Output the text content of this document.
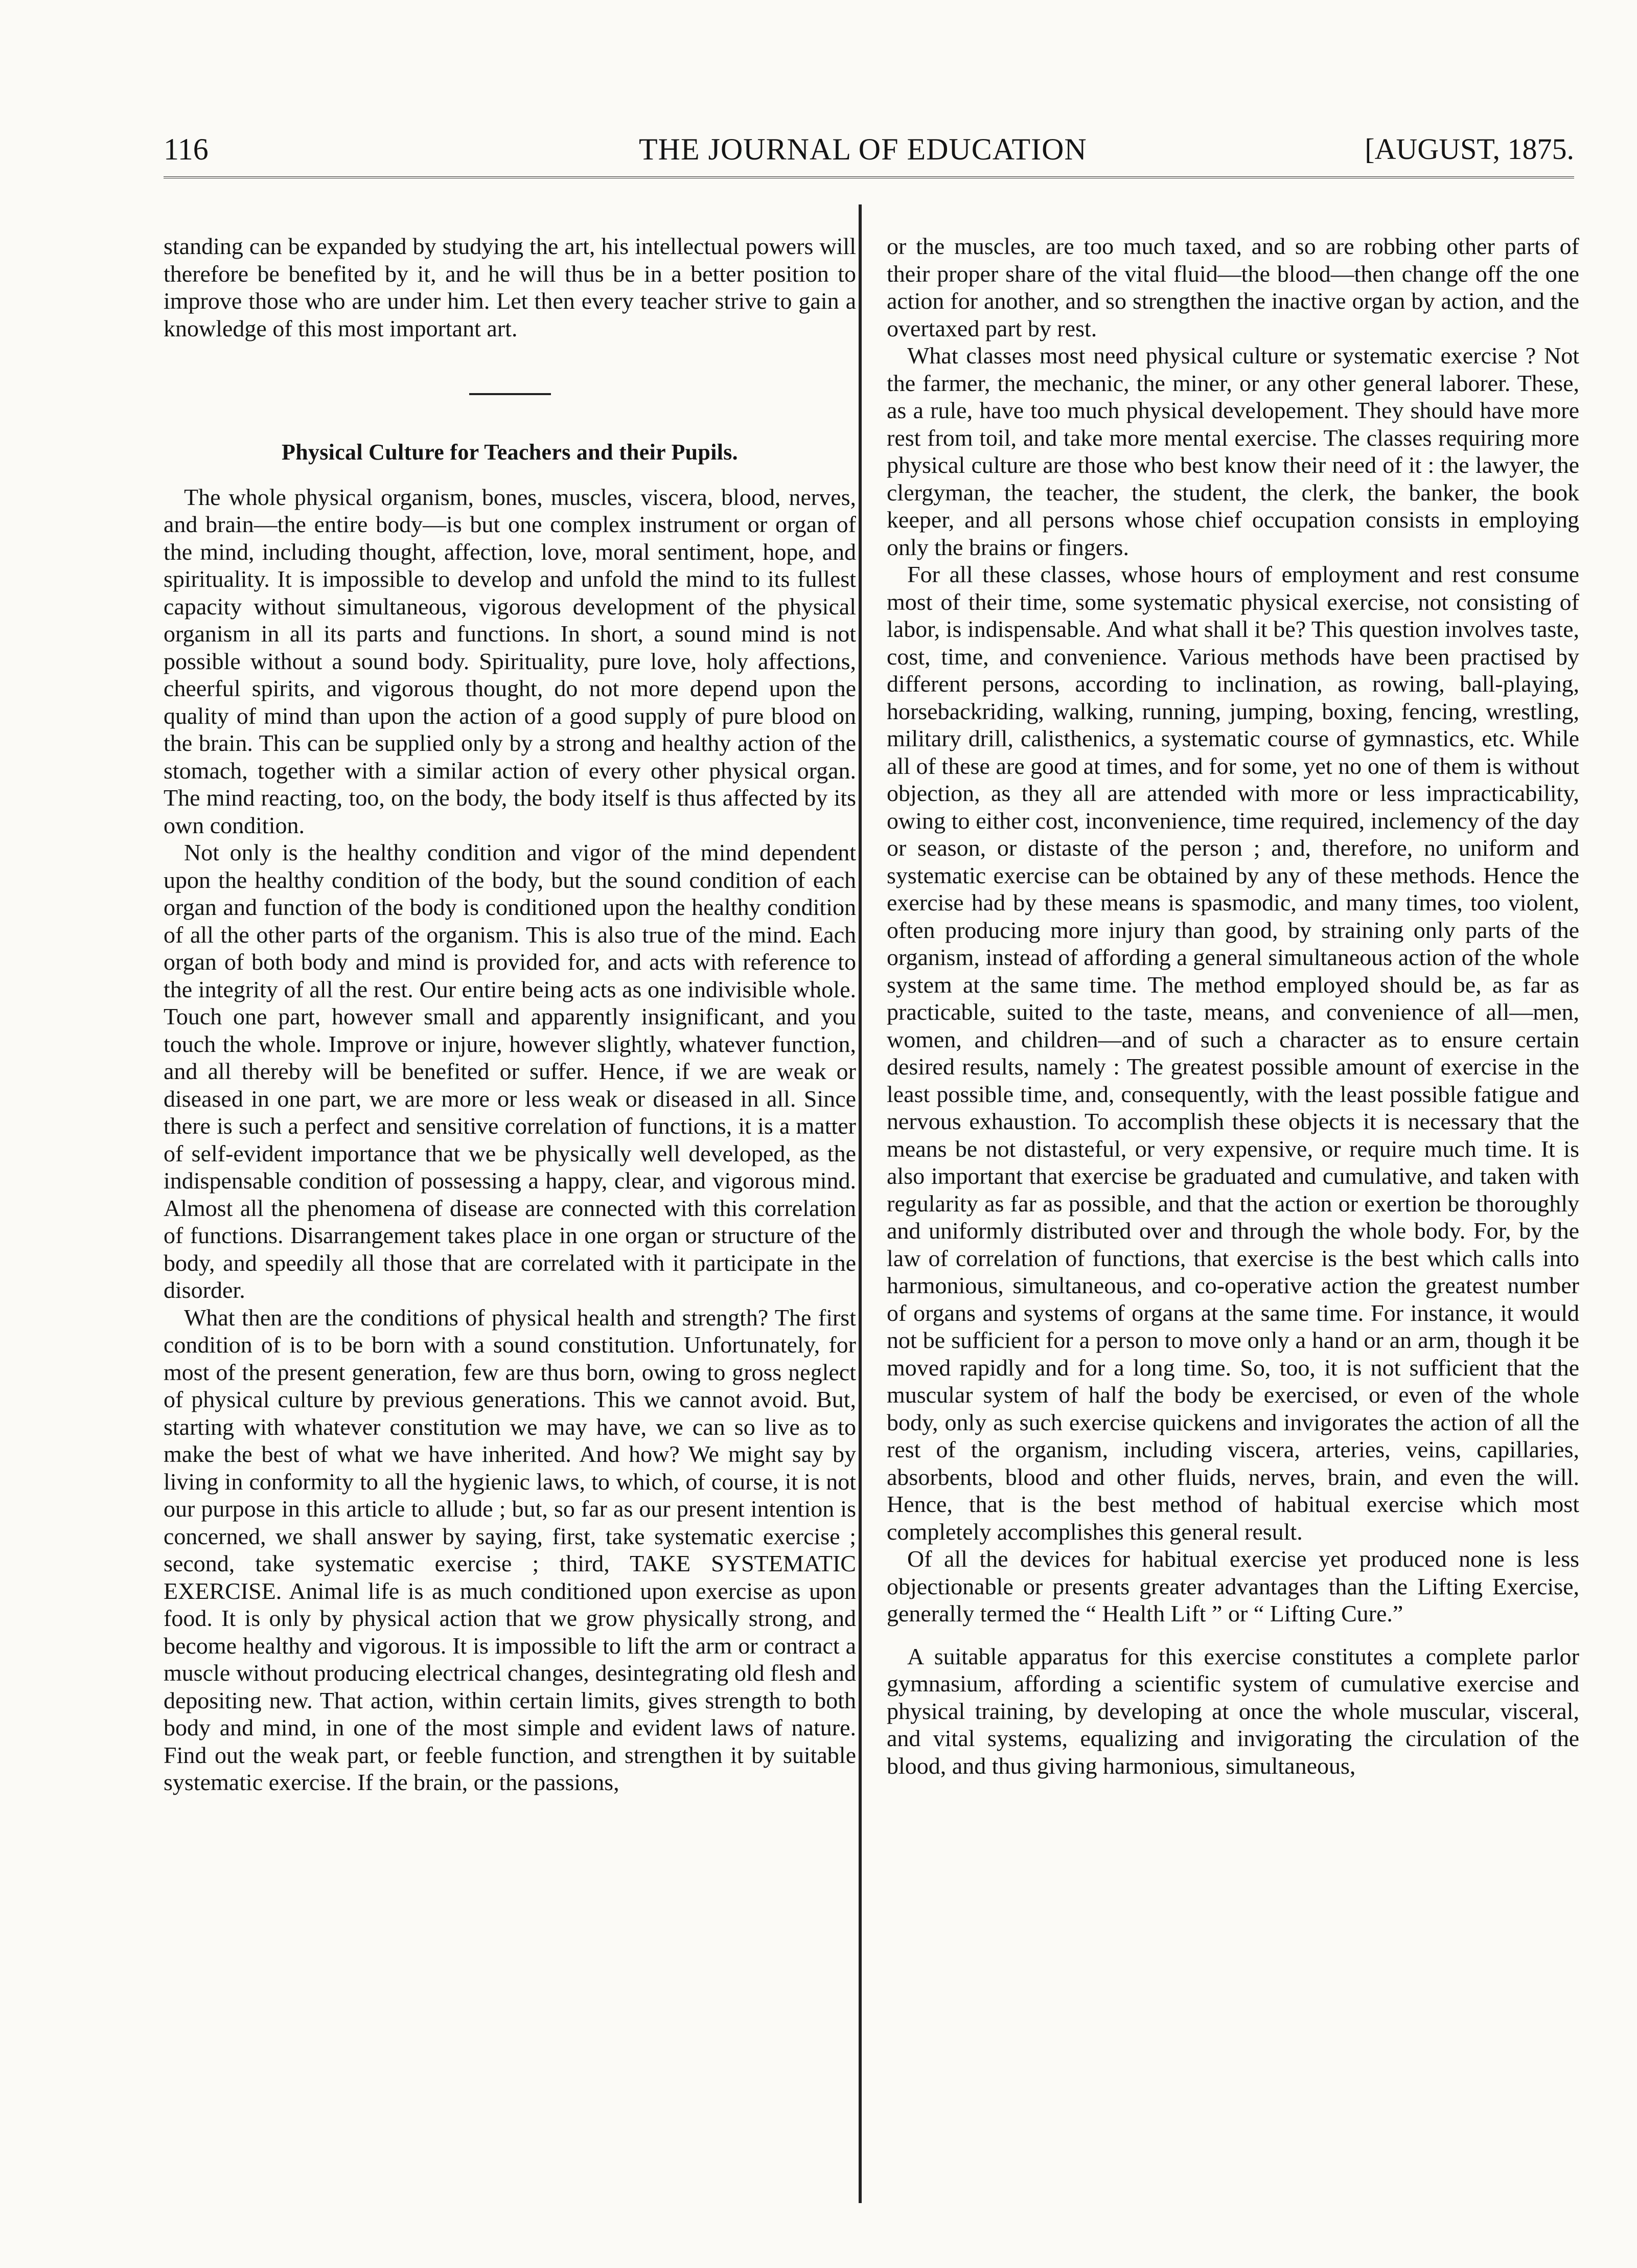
116	THE JOURNAL OF EDUCATION	[AUGUST, 1875.

standing can be expanded by studying the art, his intellectual powers will therefore be benefited by it, and he will thus be in a better position to improve those who are under him. Let then every teacher strive to gain a knowledge of this most important art.

Physical Culture for Teachers and their Pupils.

The whole physical organism, bones, muscles, viscera, blood, nerves, and brain—the entire body—is but one complex instrument or organ of the mind, including thought, affection, love, moral sentiment, hope, and spirituality. It is impossible to develop and unfold the mind to its fullest capacity without simultaneous, vigorous development of the physical organism in all its parts and functions. In short, a sound mind is not possible without a sound body. Spirituality, pure love, holy affections, cheerful spirits, and vigorous thought, do not more depend upon the quality of mind than upon the action of a good supply of pure blood on the brain. This can be supplied only by a strong and healthy action of the stomach, together with a similar action of every other physical organ. The mind reacting, too, on the body, the body itself is thus affected by its own condition.

Not only is the healthy condition and vigor of the mind dependent upon the healthy condition of the body, but the sound condition of each organ and function of the body is conditioned upon the healthy condition of all the other parts of the organism. This is also true of the mind. Each organ of both body and mind is provided for, and acts with reference to the integrity of all the rest. Our entire being acts as one indivisible whole. Touch one part, however small and apparently insignificant, and you touch the whole. Improve or injure, however slightly, whatever function, and all thereby will be benefited or suffer. Hence, if we are weak or diseased in one part, we are more or less weak or diseased in all. Since there is such a perfect and sensitive correlation of functions, it is a matter of self-evident importance that we be physically well developed, as the indispensable condition of possessing a happy, clear, and vigorous mind. Almost all the phenomena of disease are connected with this correlation of functions. Disarrangement takes place in one organ or structure of the body, and speedily all those that are correlated with it participate in the disorder.

What then are the conditions of physical health and strength? The first condition of is to be born with a sound constitution. Unfortunately, for most of the present generation, few are thus born, owing to gross neglect of physical culture by previous generations. This we cannot avoid. But, starting with whatever constitution we may have, we can so live as to make the best of what we have inherited. And how? We might say by living in conformity to all the hygienic laws, to which, of course, it is not our purpose in this article to allude ; but, so far as our present intention is concerned, we shall answer by saying, first, take systematic exercise ; second, take systematic exercise ; third, TAKE SYSTEMATIC EXERCISE. Animal life is as much conditioned upon exercise as upon food. It is only by physical action that we grow physically strong, and become healthy and vigorous. It is impossible to lift the arm or contract a muscle without producing electrical changes, desintegrating old flesh and depositing new. That action, within certain limits, gives strength to both body and mind, in one of the most simple and evident laws of nature. Find out the weak part, or feeble function, and strengthen it by suitable systematic exercise. If the brain, or the passions,

or the muscles, are too much taxed, and so are robbing other parts of their proper share of the vital fluid—the blood—then change off the one action for another, and so strengthen the inactive organ by action, and the overtaxed part by rest.

What classes most need physical culture or systematic exercise ? Not the farmer, the mechanic, the miner, or any other general laborer. These, as a rule, have too much physical developement. They should have more rest from toil, and take more mental exercise. The classes requiring more physical culture are those who best know their need of it : the lawyer, the clergyman, the teacher, the student, the clerk, the banker, the book keeper, and all persons whose chief occupation consists in employing only the brains or fingers.

For all these classes, whose hours of employment and rest consume most of their time, some systematic physical exercise, not consisting of labor, is indispensable. And what shall it be? This question involves taste, cost, time, and convenience. Various methods have been practised by different persons, according to inclination, as rowing, ball-playing, horsebackriding, walking, running, jumping, boxing, fencing, wrestling, military drill, calisthenics, a systematic course of gymnastics, etc. While all of these are good at times, and for some, yet no one of them is without objection, as they all are attended with more or less impracticability, owing to either cost, inconvenience, time required, inclemency of the day or season, or distaste of the person ; and, therefore, no uniform and systematic exercise can be obtained by any of these methods. Hence the exercise had by these means is spasmodic, and many times, too violent, often producing more injury than good, by straining only parts of the organism, instead of affording a general simultaneous action of the whole system at the same time. The method employed should be, as far as practicable, suited to the taste, means, and convenience of all—men, women, and children—and of such a character as to ensure certain desired results, namely : The greatest possible amount of exercise in the least possible time, and, consequently, with the least possible fatigue and nervous exhaustion. To accomplish these objects it is necessary that the means be not distasteful, or very expensive, or require much time. It is also important that exercise be graduated and cumulative, and taken with regularity as far as possible, and that the action or exertion be thoroughly and uniformly distributed over and through the whole body. For, by the law of correlation of functions, that exercise is the best which calls into harmonious, simultaneous, and co-operative action the greatest number of organs and systems of organs at the same time. For instance, it would not be sufficient for a person to move only a hand or an arm, though it be moved rapidly and for a long time. So, too, it is not sufficient that the muscular system of half the body be exercised, or even of the whole body, only as such exercise quickens and invigorates the action of all the rest of the organism, including viscera, arteries, veins, capillaries, absorbents, blood and other fluids, nerves, brain, and even the will. Hence, that is the best method of habitual exercise which most completely accomplishes this general result.

Of all the devices for habitual exercise yet produced none is less objectionable or presents greater advantages than the Lifting Exercise, generally termed the “ Health Lift ” or “ Lifting Cure.”

A suitable apparatus for this exercise constitutes a complete parlor gymnasium, affording a scientific system of cumulative exercise and physical training, by developing at once the whole muscular, visceral, and vital systems, equalizing and invigorating the circulation of the blood, and thus giving harmonious, simultaneous,
